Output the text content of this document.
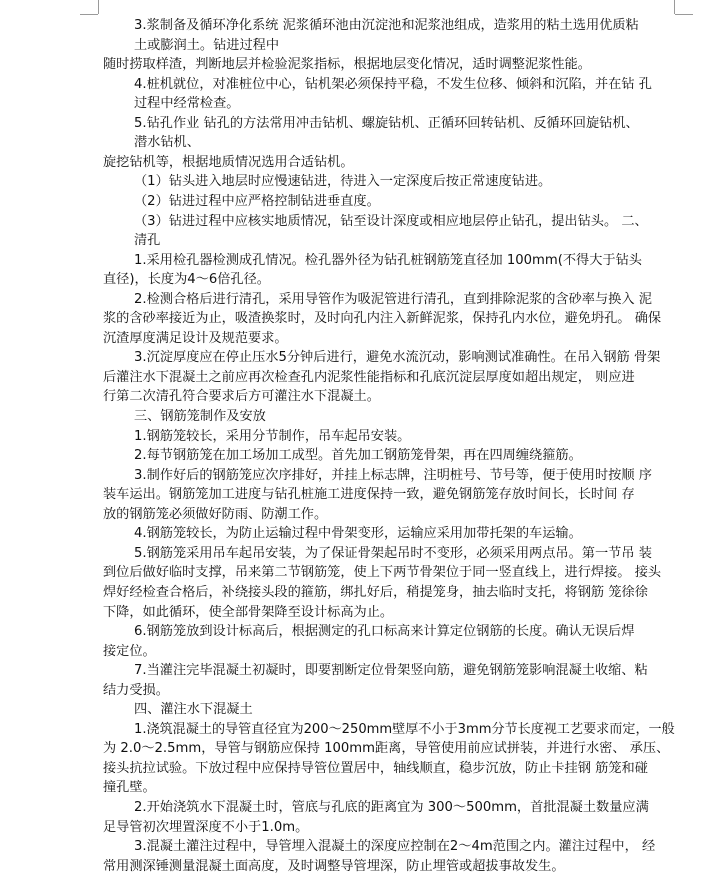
3.浆制备及循环净化系统 泥浆循环池由沉淀池和泥浆池组成，造浆用的粘土选用优质粘
土或膨润土。钻进过程中
随时捞取样渣，判断地层并检验泥浆指标，根据地层变化情况，适时调整泥浆性能。
4.桩机就位，对准桩位中心，钻机架必须保持平稳，不发生位移、倾斜和沉陷，并在钻 孔
过程中经常检查。
5.钻孔作业 钻孔的方法常用冲击钻机、螺旋钻机、正循环回转钻机、反循环回旋钻机、
潜水钻机、
旋挖钻机等，根据地质情况选用合适钻机。
（1）钻头进入地层时应慢速钻进，待进入一定深度后按正常速度钻进。
（2）钻进过程中应严格控制钻进垂直度。
（3）钻进过程中应核实地质情况，钻至设计深度或相应地层停止钻孔，提出钻头。 二、
清孔
1.采用检孔器检测成孔情况。检孔器外径为钻孔桩钢筋笼直径加 100mm(不得大于钻头
直径)，长度为4～6倍孔径。
2.检测合格后进行清孔，采用导管作为吸泥管进行清孔，直到排除泥浆的含砂率与换入 泥
浆的含砂率接近为止，吸渣换浆时，及时向孔内注入新鲜泥浆，保持孔内水位，避免坍孔。 确保
沉渣厚度满足设计及规范要求。
3.沉淀厚度应在停止压水5分钟后进行，避免水流沉动，影响测试准确性。在吊入钢筋 骨架
后灌注水下混凝土之前应再次检查孔内泥浆性能指标和孔底沉淀层厚度如超出规定， 则应进
行第二次清孔符合要求后方可灌注水下混凝土。
三、钢筋笼制作及安放
1.钢筋笼较长，采用分节制作，吊车起吊安装。
2.每节钢筋笼在加工场加工成型。首先加工钢筋笼骨架，再在四周缠绕箍筋。
3.制作好后的钢筋笼应次序排好，并挂上标志牌，注明桩号、节号等，便于使用时按顺 序
装车运出。钢筋笼加工进度与钻孔桩施工进度保持一致，避免钢筋笼存放时间长，长时间 存
放的钢筋笼必须做好防雨、防潮工作。
4.钢筋笼较长，为防止运输过程中骨架变形，运输应采用加带托架的车运输。
5.钢筋笼采用吊车起吊安装，为了保证骨架起吊时不变形，必须采用两点吊。第一节吊 装
到位后做好临时支撑，吊来第二节钢筋笼，使上下两节骨架位于同一竖直线上，进行焊接。 接头
焊好经检查合格后，补绕接头段的箍筋，绑扎好后，稍提笼身，抽去临时支托，将钢筋 笼徐徐
下降，如此循环，使全部骨架降至设计标高为止。
6.钢筋笼放到设计标高后，根据测定的孔口标高来计算定位钢筋的长度。确认无误后焊
接定位。
7.当灌注完毕混凝土初凝时，即要割断定位骨架竖向筋，避免钢筋笼影响混凝土收缩、粘
结力受损。
四、灌注水下混凝土
1.浇筑混凝土的导管直径宜为200～250mm壁厚不小于3mm分节长度视工艺要求而定，一般
为 2.0～2.5mm，导管与钢筋应保持 100mm距离，导管使用前应试拼装，并进行水密、 承压、
接头抗拉试验。下放过程中应保持导管位置居中，轴线顺直，稳步沉放，防止卡挂钢 筋笼和碰
撞孔壁。
2.开始浇筑水下混凝土时，管底与孔底的距离宜为 300～500mm，首批混凝土数量应满
足导管初次埋置深度不小于1.0m。
3.混凝土灌注过程中，导管埋入混凝土的深度应控制在2～4m范围之内。灌注过程中， 经
常用测深锤测量混凝土面高度，及时调整导管埋深，防止埋管或超拔事故发生。
